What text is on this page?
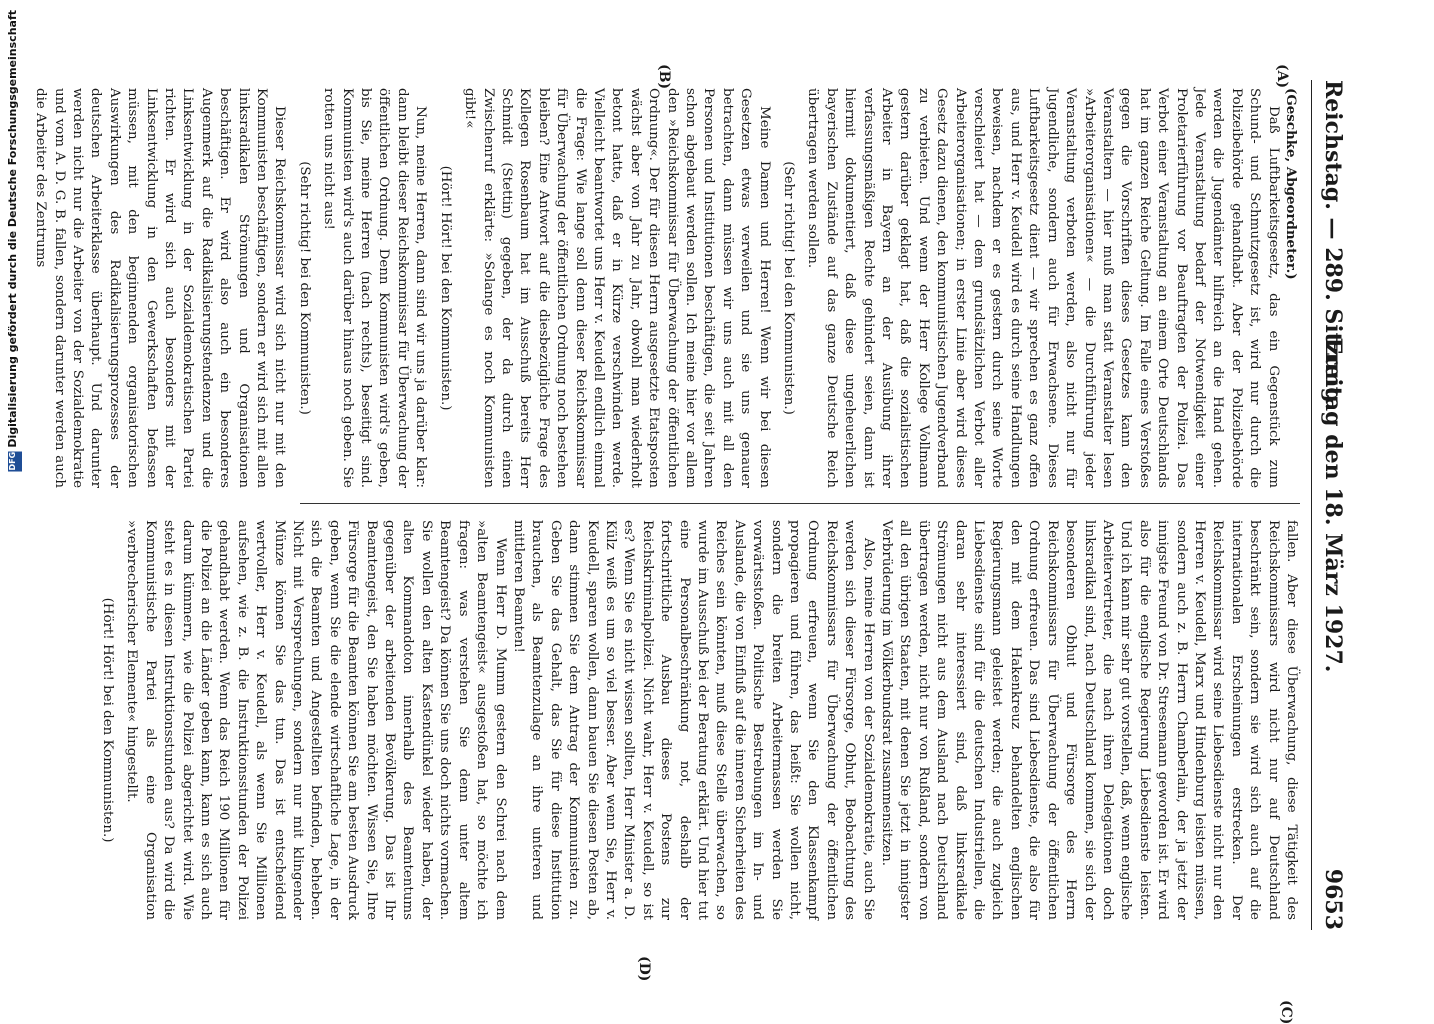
Reichstag. — 289. Sitzung.
Freitag den 18. März 1927.
9653
(A)
(B)
(C)
(D)

(Geschke, Abgeordneter.)

Daß Luftbarkeitsgesetz, das ein Gegenstück zum Schund- und Schmutzgesetz ist, wird nur durch die Polizeibehörde gehandhabt. Aber der Polizeibehörde werden die Jugendämter hilfreich an die Hand gehen. Jede Veranstaltung bedarf der Notwendigkeit einer Proletarierführung vor Beauftragten der Polizei. Das Verbot einer Veranstaltung an einem Orte Deutschlands hat im ganzen Reiche Geltung. Im Falle eines Verstoßes gegen die Vorschriften dieses Gesetzes kann den Veranstaltern — hier muß man statt Veranstalter lesen »Arbeiterorganisationen« — die Durchführung jeder Veranstaltung verboten werden, also nicht nur für Jugendliche, sondern auch für Erwachsene. Dieses Luftbarkeitsgesetz dient — wir sprechen es ganz offen aus, und Herr v. Keudell wird es durch seine Handlungen beweisen, nachdem er es gestern durch seine Worte verschleiert hat — dem grundsätzlichen Verbot aller Arbeiterorganisationen; in erster Linie aber wird dieses Gesetz dazu dienen, den kommunistischen Jugendverband zu verbieten. Und wenn der Herr Kollege Vollmann gestern darüber geklagt hat, daß die sozialistischen Arbeiter in Bayern an der Ausübung ihrer verfassungsmäßigen Rechte gehindert seien, dann ist hiermit dokumentiert, daß diese ungeheuerlichen bayerischen Zustände auf das ganze Deutsche Reich übertragen werden sollen.

(Sehr richtig! bei den Kommunisten.)

Meine Damen und Herren! Wenn wir bei diesen Gesetzen etwas verweilen und sie uns genauer betrachten, dann müssen wir uns auch mit all den Personen und Institutionen beschäftigen, die seit Jahren schon abgebaut werden sollen. Ich meine hier vor allem den »Reichskommissar für Überwachung der öffentlichen Ordnung«. Der für diesen Herrn ausgesetzte Etatsposten wächst aber von Jahr zu Jahr, obwohl man wiederholt betont hatte, daß er in Kürze verschwinden werde. Vielleicht beantwortet uns Herr v. Keudell endlich einmal die Frage: Wie lange soll denn dieser Reichskommissar für Überwachung der öffentlichen Ordnung noch bestehen bleiben? Eine Antwort auf die diesbezügliche Frage des Kollegen Rosenbaum hat im Ausschuß bereits Herr Schmidt (Stettin) gegeben, der da durch einen Zwischenruf erklärte: »Solange es noch Kommunisten gibt!«

(Hört! Hört! bei den Kommunisten.)

Nun, meine Herren, dann sind wir uns ja darüber klar: dann bleibt dieser Reichskommissar für Überwachung der öffentlichen Ordnung. Denn Kommunisten wird's geben, bis Sie, meine Herren (nach rechts), beseitigt sind. Kommunisten wird's auch darüber hinaus noch geben. Sie rotten uns nicht aus!

(Sehr richtig! bei den Kommunisten.)

Dieser Reichskommissar wird sich nicht nur mit den Kommunisten beschäftigen, sondern er wird sich mit allen linksradikalen Strömungen und Organisationen beschäftigen. Er wird also auch ein besonderes Augenmerk auf die Radikalisierungstendenzen und die Linksentwicklung in der Sozialdemokratischen Partei richten. Er wird sich auch besonders mit der Linksentwicklung in den Gewerkschaften befassen müssen, mit den beginnenden organisatorischen Auswirkungen des Radikalisierungsprozesses der deutschen Arbeiterklasse überhaupt. Und darunter werden nicht nur die Arbeiter von der Sozialdemokratie und vom A. D. G. B. fallen, sondern darunter werden auch die Arbeiter des Zentrums

fallen. Aber diese Überwachung, diese Tätigkeit des Reichskommissars wird nicht nur auf Deutschland beschränkt sein, sondern sie wird sich auch auf die internationalen Erscheinungen erstrecken. Der Reichskommissar wird seine Liebesdienste nicht nur den Herren v. Keudell, Marx und Hindenburg leisten müssen, sondern auch z. B. Herrn Chamberlain, der ja jetzt der innigste Freund von Dr. Stresemann geworden ist. Er wird also für die englische Regierung Liebesdienste leisten. Und ich kann mir sehr gut vorstellen, daß, wenn englische Arbeitervertreter, die nach ihren Delegationen doch linksradikal sind, nach Deutschland kommen, sie sich der besonderen Obhut und Fürsorge des Herrn Reichskommissars für Überwachung der öffentlichen Ordnung erfreuen. Das sind Liebesdienste, die also für den mit dem Hakenkreuz behandelten englischen Regierungsmann geleistet werden; die auch zugleich Liebesdienste sind für die deutschen Industriellen, die daran sehr interessiert sind, daß linksradikale Strömungen nicht aus dem Ausland nach Deutschland übertragen werden, nicht nur von Rußland, sondern von all den übrigen Staaten, mit denen Sie jetzt in innigster Verbrüderung im Völkerbundsrat zusammensitzen.

Also, meine Herren von der Sozialdemokratie, auch Sie werden sich dieser Fürsorge, Obhut, Beobachtung des Reichskommissars für Überwachung der öffentlichen Ordnung erfreuen, wenn Sie den Klassenkampf propagieren und führen, das heißt: Sie wollen nicht, sondern die breiten Arbeitermassen werden Sie vorwärtsstoßen. Politische Bestrebungen im In- und Auslande, die von Einfluß auf die inneren Sicherheiten des Reiches sein könnten, muß diese Stelle überwachen, so wurde im Ausschuß bei der Beratung erklärt. Und hier tut eine Personalbeschränkung not, deshalb der fortschrittliche Ausbau dieses Postens zur Reichskriminalpolizei. Nicht wahr, Herr v. Keudell, so ist es? Wenn Sie es nicht wissen sollten, Herr Minister a. D. Külz weiß es um so viel besser. Aber wenn Sie, Herr v. Keudell, sparen wollen, dann bauen Sie diesen Posten ab, dann stimmen Sie dem Antrag der Kommunisten zu. Geben Sie das Gehalt, das Sie für diese Institution brauchen, als Beamtenzulage an ihre unteren und mittleren Beamten!

Wenn Herr D. Mumm gestern den Schrei nach dem »alten Beamtengeist« ausgestoßen hat, so möchte ich fragen: was verstehen Sie denn unter altem Beamtengeist? Da können Sie uns doch nichts vormachen. Sie wollen den alten Kastendünkel wieder haben, der alten Kommandoton innerhalb des Beamtentums gegenüber der arbeitenden Bevölkerung. Das ist Ihr Beamtengeist, den Sie haben möchten. Wissen Sie, Ihre Fürsorge für die Beamten können Sie am besten Ausdruck geben, wenn Sie die elende wirtschaftliche Lage, in der sich die Beamten und Angestellten befinden, beheben. Nicht mit Versprechungen, sondern nur mit klingender Münze können Sie das tun. Das ist entscheidend wertvoller, Herr v. Keudell, als wenn Sie Millionen aufsehen, wie z. B. die Instruktionsstunden der Polizei gehandhabt werden. Wenn das Reich 190 Millionen für die Polizei an die Länder geben kann, kann es sich auch darum kümmern, wie die Polizei abgerichtet wird. Wie steht es in diesen Instruktionsstunden aus? Da wird die Kommunistische Partei als eine Organisation »verbrecherischer Elemente« hingestellt.

(Hört! Hört! bei den Kommunisten.)

DFG Digitalisierung gefördert durch die Deutsche Forschungsgemeinschaft
